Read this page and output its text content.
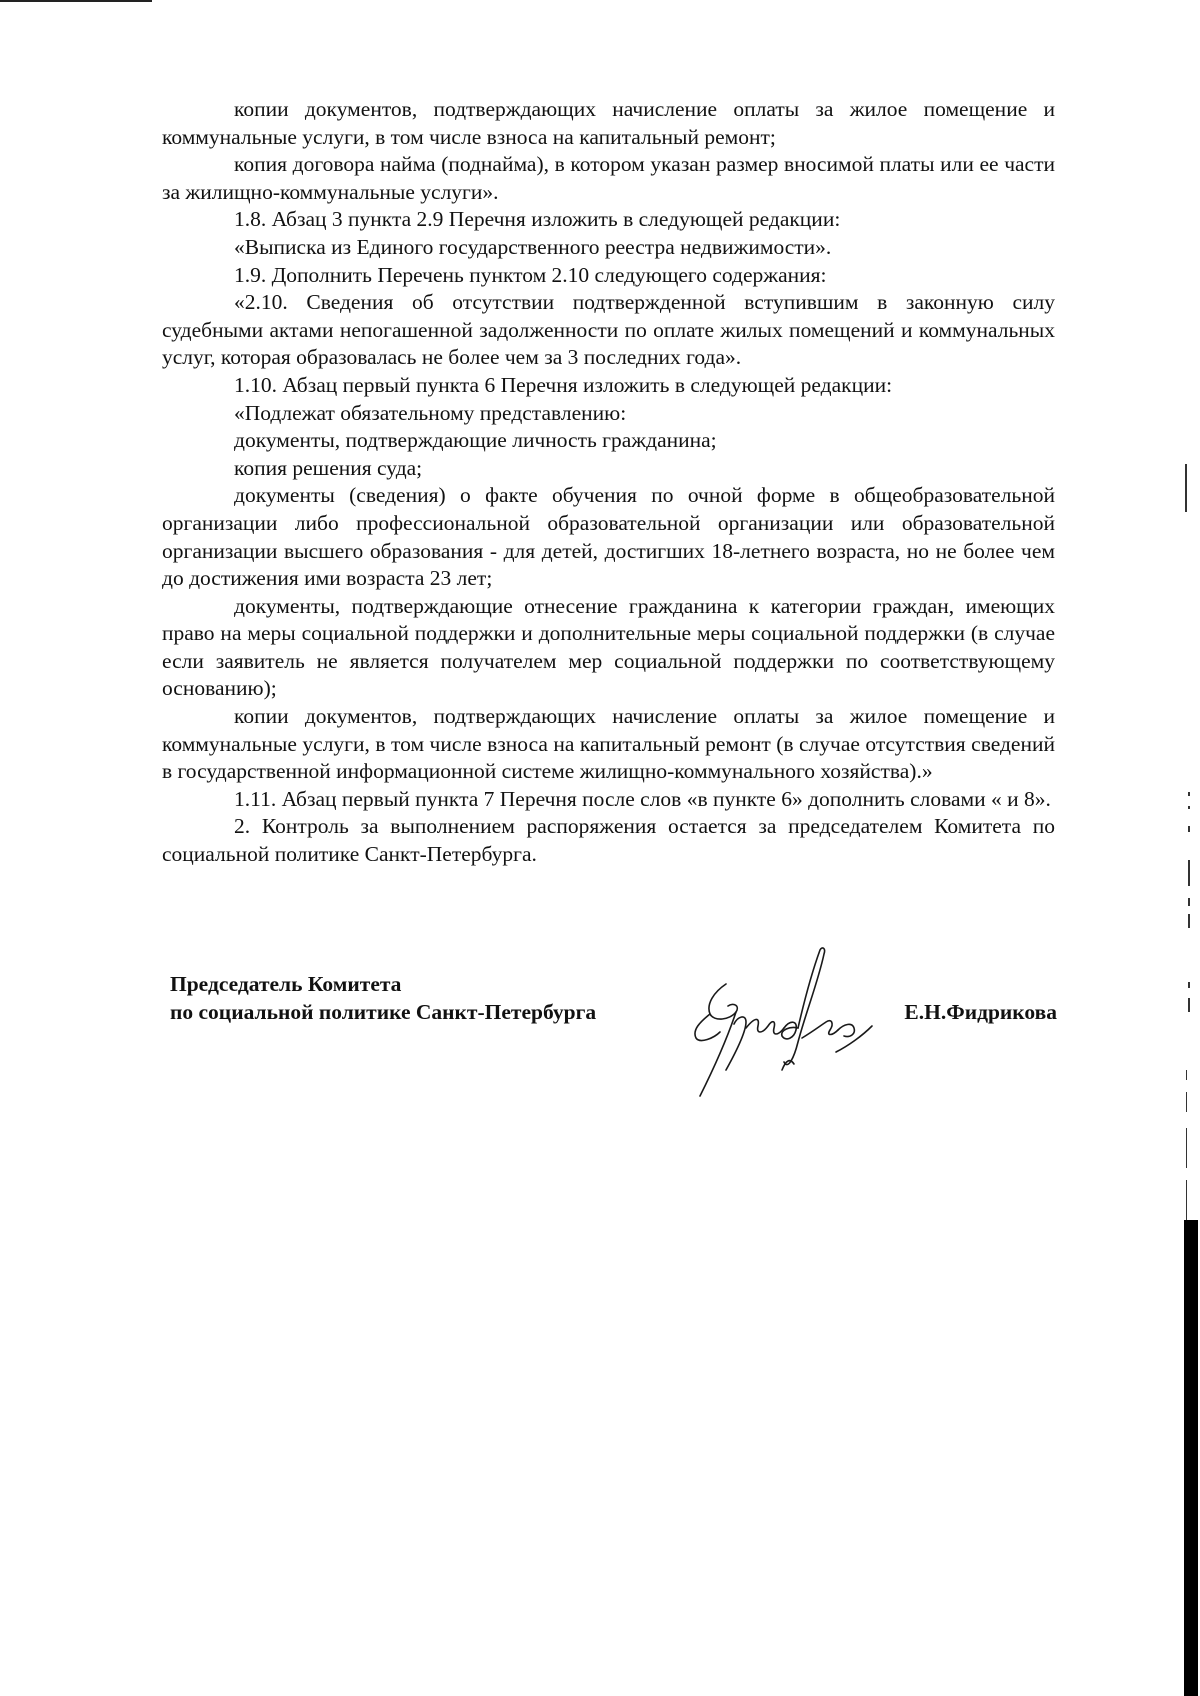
копии документов, подтверждающих начисление оплаты за жилое помещение и коммунальные услуги, в том числе взноса на капитальный ремонт;

копия договора найма (поднайма), в котором указан размер вносимой платы или ее части за жилищно-коммунальные услуги».

1.8. Абзац 3 пункта 2.9 Перечня изложить в следующей редакции:

«Выписка из Единого государственного реестра недвижимости».

1.9. Дополнить Перечень пунктом 2.10 следующего содержания:

«2.10. Сведения об отсутствии подтвержденной вступившим в законную силу судебными актами непогашенной задолженности по оплате жилых помещений и коммунальных услуг, которая образовалась не более чем за 3 последних года».

1.10. Абзац первый пункта 6 Перечня изложить в следующей редакции:

«Подлежат обязательному представлению:

документы, подтверждающие личность гражданина;

копия решения суда;

документы (сведения) о факте обучения по очной форме в общеобразовательной организации либо профессиональной образовательной организации или образовательной организации высшего образования - для детей, достигших 18-летнего возраста, но не более чем до достижения ими возраста 23 лет;

документы, подтверждающие отнесение гражданина к категории граждан, имеющих право на меры социальной поддержки и дополнительные меры социальной поддержки (в случае если заявитель не является получателем мер социальной поддержки по соответствующему основанию);

копии документов, подтверждающих начисление оплаты за жилое помещение и коммунальные услуги, в том числе взноса на капитальный ремонт (в случае отсутствия сведений в государственной информационной системе жилищно-коммунального хозяйства).»

1.11. Абзац первый пункта 7 Перечня после слов «в пункте 6» дополнить словами « и 8».

2. Контроль за выполнением распоряжения остается за председателем Комитета по социальной политике Санкт-Петербурга.

Председатель Комитета
по социальной политике Санкт-Петербурга	Е.Н.Фидрикова
